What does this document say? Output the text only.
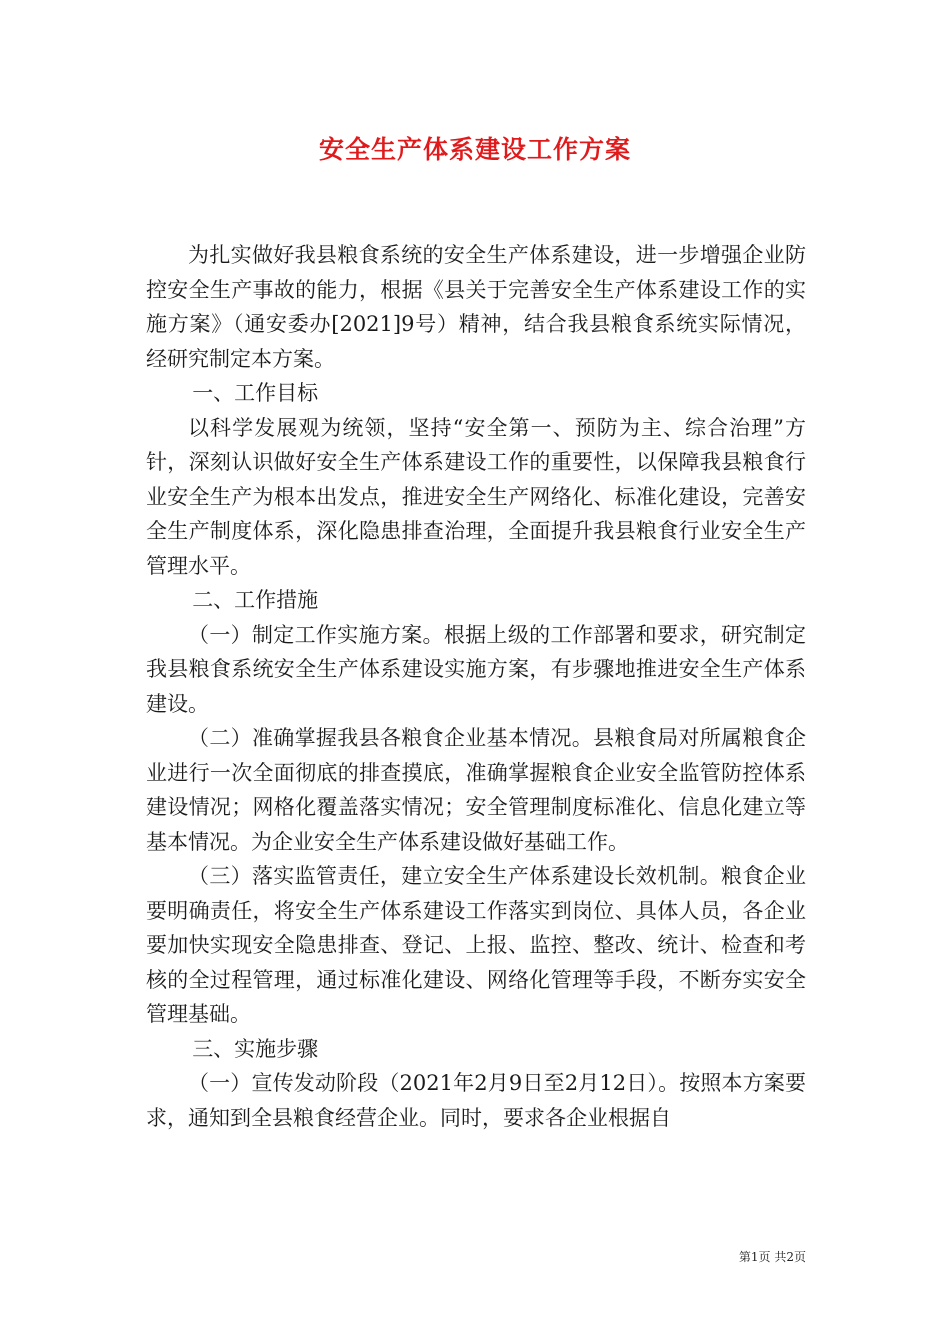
安全生产体系建设工作方案

为扎实做好我县粮食系统的安全生产体系建设，进一步增强企业防控安全生产事故的能力，根据《县关于完善安全生产体系建设工作的实施方案》（通安委办[2021]9号）精神，结合我县粮食系统实际情况，经研究制定本方案。

一、工作目标

以科学发展观为统领，坚持“安全第一、预防为主、综合治理”方针，深刻认识做好安全生产体系建设工作的重要性，以保障我县粮食行业安全生产为根本出发点，推进安全生产网络化、标准化建设，完善安全生产制度体系，深化隐患排查治理，全面提升我县粮食行业安全生产管理水平。

二、工作措施

（一）制定工作实施方案。根据上级的工作部署和要求，研究制定我县粮食系统安全生产体系建设实施方案，有步骤地推进安全生产体系建设。

（二）准确掌握我县各粮食企业基本情况。县粮食局对所属粮食企业进行一次全面彻底的排查摸底，准确掌握粮食企业安全监管防控体系建设情况；网格化覆盖落实情况；安全管理制度标准化、信息化建立等基本情况。为企业安全生产体系建设做好基础工作。

（三）落实监管责任，建立安全生产体系建设长效机制。粮食企业要明确责任，将安全生产体系建设工作落实到岗位、具体人员，各企业要加快实现安全隐患排查、登记、上报、监控、整改、统计、检查和考核的全过程管理，通过标准化建设、网络化管理等手段，不断夯实安全管理基础。

三、实施步骤

（一）宣传发动阶段（2021年2月9日至2月12日）。按照本方案要求，通知到全县粮食经营企业。同时，要求各企业根据自

第1页 共2页
